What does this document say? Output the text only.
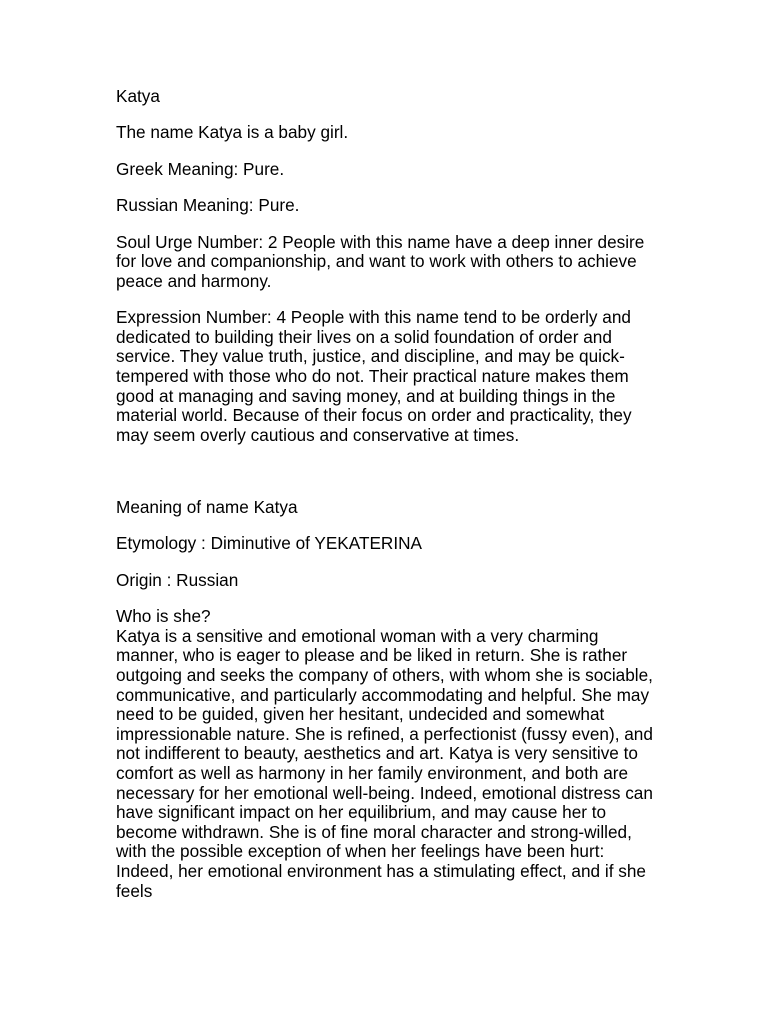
Katya

The name Katya is a baby girl.

Greek Meaning: Pure.

Russian Meaning: Pure.

Soul Urge Number: 2 People with this name have a deep inner desire for love and companionship, and want to work with others to achieve peace and harmony.

Expression Number: 4 People with this name tend to be orderly and dedicated to building their lives on a solid foundation of order and service. They value truth, justice, and discipline, and may be quick-tempered with those who do not. Their practical nature makes them good at managing and saving money, and at building things in the material world. Because of their focus on order and practicality, they may seem overly cautious and conservative at times.

Meaning of name Katya

Etymology : Diminutive of YEKATERINA

Origin : Russian

Who is she?

Katya is a sensitive and emotional woman with a very charming manner, who is eager to please and be liked in return. She is rather outgoing and seeks the company of others, with whom she is sociable, communicative, and particularly accommodating and helpful. She may need to be guided, given her hesitant, undecided and somewhat impressionable nature. She is refined, a perfectionist (fussy even), and not indifferent to beauty, aesthetics and art. Katya is very sensitive to comfort as well as harmony in her family environment, and both are necessary for her emotional well-being. Indeed, emotional distress can have significant impact on her equilibrium, and may cause her to become withdrawn. She is of fine moral character and strong-willed, with the possible exception of when her feelings have been hurt: Indeed, her emotional environment has a stimulating effect, and if she feels
